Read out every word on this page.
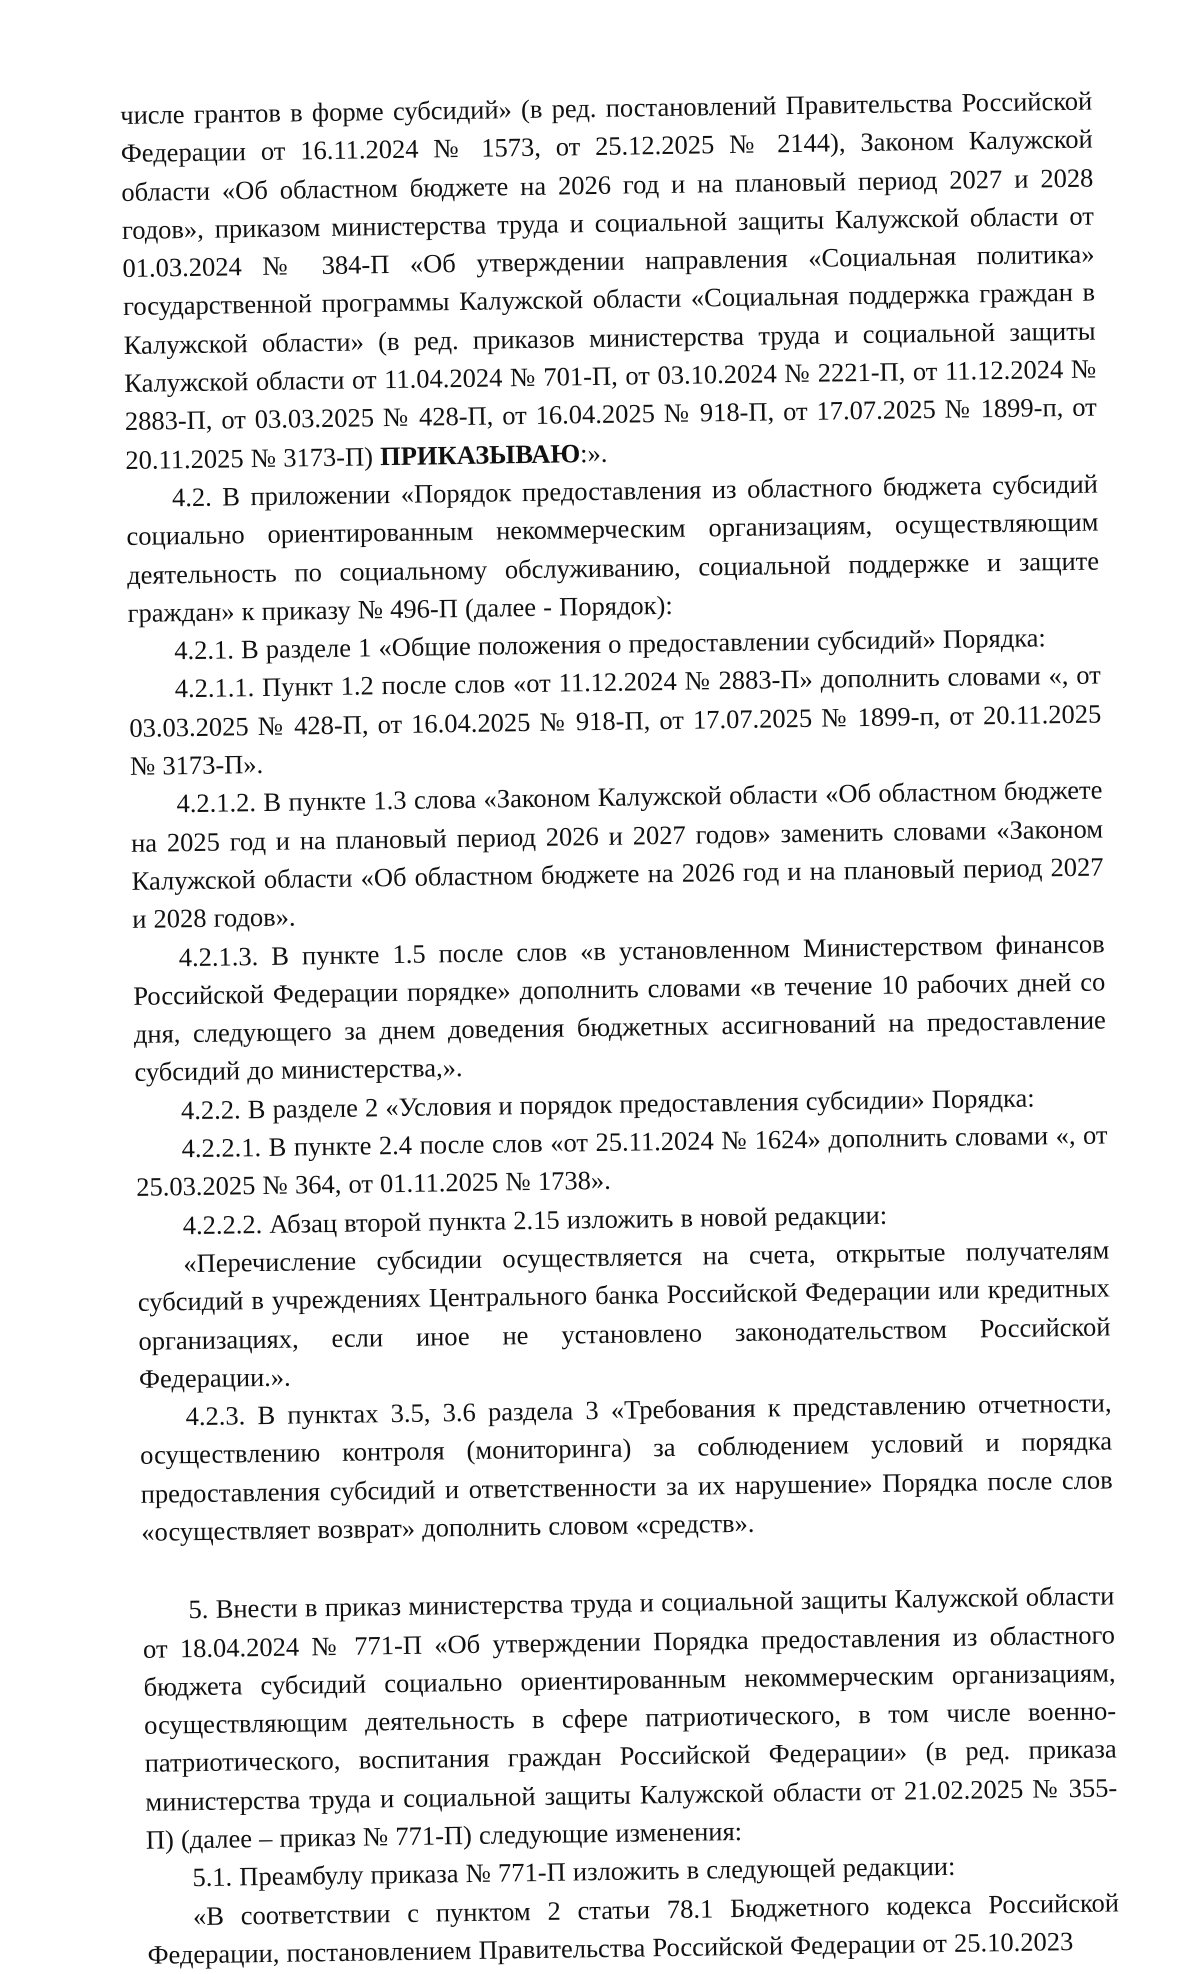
числе грантов в форме субсидий» (в ред. постановлений Правительства Российской Федерации от 16.11.2024 № 1573, от 25.12.2025 № 2144), Законом Калужской области «Об областном бюджете на 2026 год и на плановый период 2027 и 2028 годов», приказом министерства труда и социальной защиты Калужской области от 01.03.2024 № 384-П «Об утверждении направления «Социальная политика» государственной программы Калужской области «Социальная поддержка граждан в Калужской области» (в ред. приказов министерства труда и социальной защиты Калужской области от 11.04.2024 № 701-П, от 03.10.2024 № 2221-П, от 11.12.2024 № 2883-П, от 03.03.2025 № 428-П, от 16.04.2025 № 918-П, от 17.07.2025 № 1899-п, от 20.11.2025 № 3173-П) ПРИКАЗЫВАЮ:».

4.2. В приложении «Порядок предоставления из областного бюджета субсидий социально ориентированным некоммерческим организациям, осуществляющим деятельность по социальному обслуживанию, социальной поддержке и защите граждан» к приказу № 496-П (далее - Порядок):

4.2.1. В разделе 1 «Общие положения о предоставлении субсидий» Порядка:

4.2.1.1. Пункт 1.2 после слов «от 11.12.2024 № 2883-П» дополнить словами «, от 03.03.2025 № 428-П, от 16.04.2025 № 918-П, от 17.07.2025 № 1899-п, от 20.11.2025 № 3173-П».

4.2.1.2. В пункте 1.3 слова «Законом Калужской области «Об областном бюджете на 2025 год и на плановый период 2026 и 2027 годов» заменить словами «Законом Калужской области «Об областном бюджете на 2026 год и на плановый период 2027 и 2028 годов».

4.2.1.3. В пункте 1.5 после слов «в установленном Министерством финансов Российской Федерации порядке» дополнить словами «в течение 10 рабочих дней со дня, следующего за днем доведения бюджетных ассигнований на предоставление субсидий до министерства,».

4.2.2. В разделе 2 «Условия и порядок предоставления субсидии» Порядка:

4.2.2.1. В пункте 2.4 после слов «от 25.11.2024 № 1624» дополнить словами «, от 25.03.2025 № 364, от 01.11.2025 № 1738».

4.2.2.2. Абзац второй пункта 2.15 изложить в новой редакции:

«Перечисление субсидии осуществляется на счета, открытые получателям субсидий в учреждениях Центрального банка Российской Федерации или кредитных организациях, если иное не установлено законодательством Российской Федерации.».

4.2.3. В пунктах 3.5, 3.6 раздела 3 «Требования к представлению отчетности, осуществлению контроля (мониторинга) за соблюдением условий и порядка предоставления субсидий и ответственности за их нарушение» Порядка после слов «осуществляет возврат» дополнить словом «средств».

5. Внести в приказ министерства труда и социальной защиты Калужской области от 18.04.2024 № 771-П «Об утверждении Порядка предоставления из областного бюджета субсидий социально ориентированным некоммерческим организациям, осуществляющим деятельность в сфере патриотического, в том числе военно-патриотического, воспитания граждан Российской Федерации» (в ред. приказа министерства труда и социальной защиты Калужской области от 21.02.2025 № 355-П) (далее – приказ № 771-П) следующие изменения:

5.1. Преамбулу приказа № 771-П изложить в следующей редакции:

«В соответствии с пунктом 2 статьи 78.1 Бюджетного кодекса Российской Федерации, постановлением Правительства Российской Федерации от 25.10.2023
